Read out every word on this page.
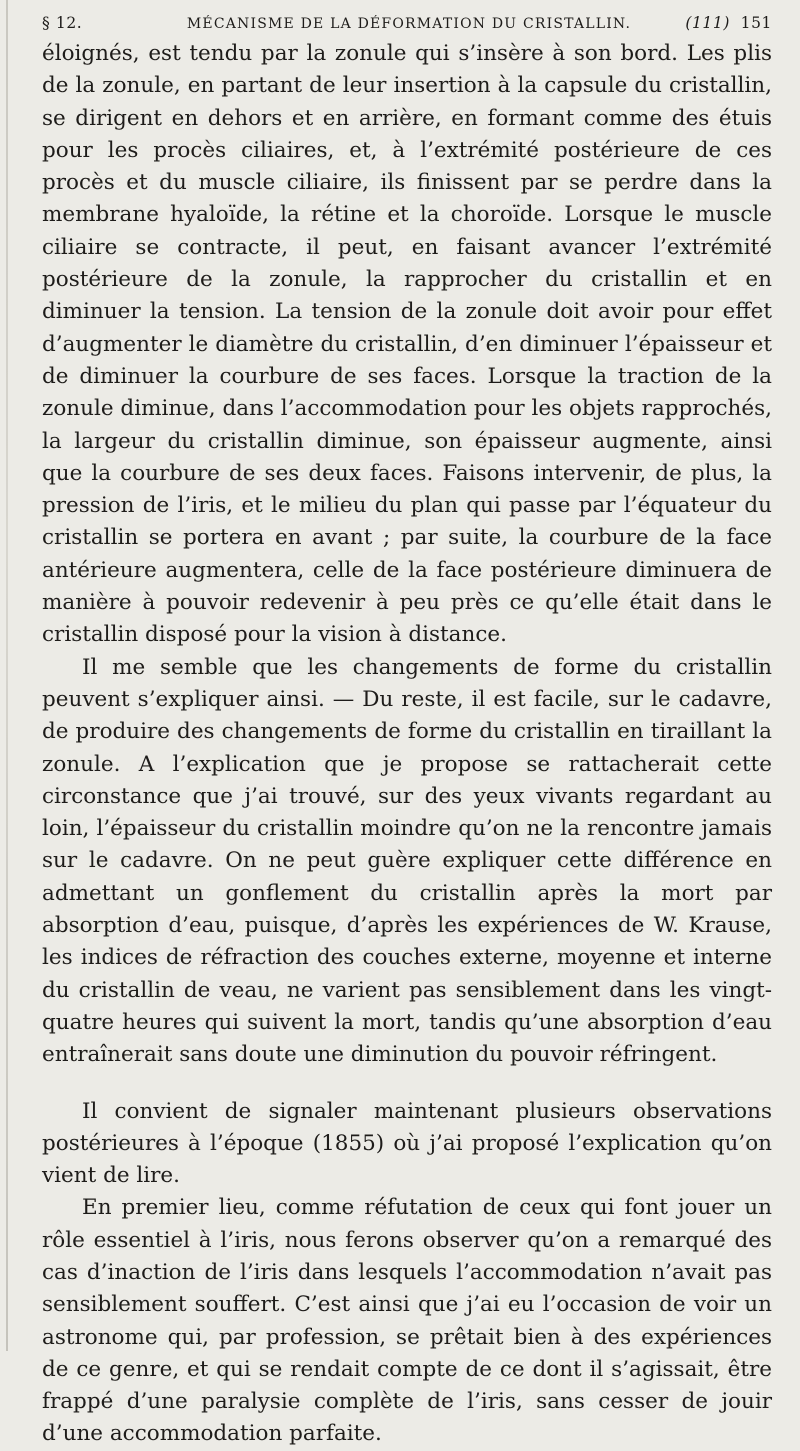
§ 12.	MÉCANISME DE LA DÉFORMATION DU CRISTALLIN.	(111) 151

éloignés, est tendu par la zonule qui s’insère à son bord. Les plis de la zonule, en partant de leur insertion à la capsule du cristallin, se dirigent en dehors et en arrière, en formant comme des étuis pour les procès ciliaires, et, à l’extrémité postérieure de ces procès et du muscle ciliaire, ils finissent par se perdre dans la membrane hyaloïde, la rétine et la choroïde. Lorsque le muscle ciliaire se contracte, il peut, en faisant avancer l’extrémité postérieure de la zonule, la rapprocher du cristallin et en diminuer la tension. La tension de la zonule doit avoir pour effet d’augmenter le diamètre du cristallin, d’en diminuer l’épaisseur et de diminuer la courbure de ses faces. Lorsque la traction de la zonule diminue, dans l’accommodation pour les objets rapprochés, la largeur du cristallin diminue, son épaisseur augmente, ainsi que la courbure de ses deux faces. Faisons intervenir, de plus, la pression de l’iris, et le milieu du plan qui passe par l’équateur du cristallin se portera en avant ; par suite, la courbure de la face antérieure augmentera, celle de la face postérieure diminuera de manière à pouvoir redevenir à peu près ce qu’elle était dans le cristallin disposé pour la vision à distance.

Il me semble que les changements de forme du cristallin peuvent s’expliquer ainsi. — Du reste, il est facile, sur le cadavre, de produire des changements de forme du cristallin en tiraillant la zonule. A l’explication que je propose se rattacherait cette circonstance que j’ai trouvé, sur des yeux vivants regardant au loin, l’épaisseur du cristallin moindre qu’on ne la rencontre jamais sur le cadavre. On ne peut guère expliquer cette différence en admettant un gonflement du cristallin après la mort par absorption d’eau, puisque, d’après les expériences de W. Krause, les indices de réfraction des couches externe, moyenne et interne du cristallin de veau, ne varient pas sensiblement dans les vingt-quatre heures qui suivent la mort, tandis qu’une absorption d’eau entraînerait sans doute une diminution du pouvoir réfringent.

Il convient de signaler maintenant plusieurs observations postérieures à l’époque (1855) où j’ai proposé l’explication qu’on vient de lire.

En premier lieu, comme réfutation de ceux qui font jouer un rôle essentiel à l’iris, nous ferons observer qu’on a remarqué des cas d’inaction de l’iris dans lesquels l’accommodation n’avait pas sensiblement souffert. C’est ainsi que j’ai eu l’occasion de voir un astronome qui, par profession, se prêtait bien à des expériences de ce genre, et qui se rendait compte de ce dont il s’agissait, être frappé d’une paralysie complète de l’iris, sans cesser de jouir d’une accommodation parfaite.
